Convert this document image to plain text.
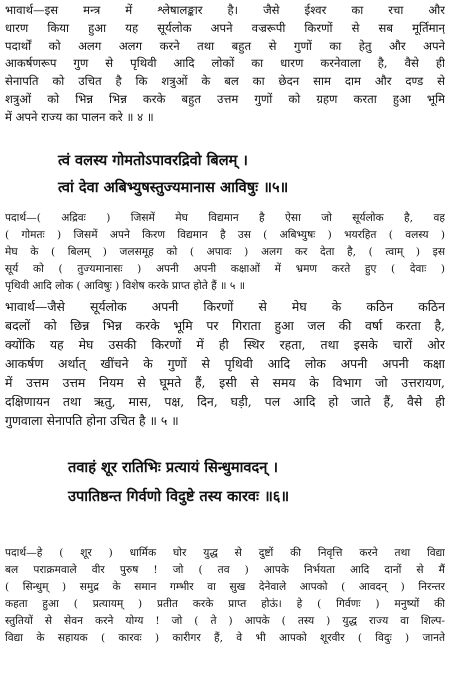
भावार्थ—इस मन्त्र में श्लेषालङ्कार है। जैसे ईश्वर का रचा और
धारण किया हुआ यह सूर्यलोक अपने वज्ररूपी किरणों से सब मूर्तिमान्
पदार्थों को अलग अलग करने तथा बहुत से गुणों का हेतु और अपने
आकर्षणरूप गुण से पृथिवी आदि लोकों का धारण करनेवाला है, वैसे ही
सेनापति को उचित है कि शत्रुओं के बल का छेदन साम दाम और दण्ड से
शत्रुओं को भिन्न भिन्न करके बहुत उत्तम गुणों को ग्रहण करता हुआ भूमि
में अपने राज्य का पालन करे ॥ ४ ॥

त्वं वलस्य गोमतोऽपावरद्रिवो बिलम् ।

त्वां देवा अबिभ्युषस्तुज्यमानास आविषुः ॥५॥

पदार्थ—( अद्रिवः ) जिसमें मेघ विद्यमान है ऐसा जो सूर्यलोक है, वह
( गोमतः ) जिसमें अपने किरण विद्यमान है उस ( अबिभ्युषः ) भयरहित ( वलस्य )
मेघ के ( बिलम् ) जलसमूह को ( अपावः ) अलग कर देता है, ( त्वाम् ) इस
सूर्य को ( तुज्यमानासः ) अपनी अपनी कक्षाओं में भ्रमण करते हुए ( देवाः )
पृथिवी आदि लोक ( आविषुः ) विशेष करके प्राप्त होते हैं ॥ ५ ॥
भावार्थ—जैसे सूर्यलोक अपनी किरणों से मेघ के कठिन कठिन
बदलों को छिन्न भिन्न करके भूमि पर गिराता हुआ जल की वर्षा करता है,
क्योंकि यह मेघ उसकी किरणों में ही स्थिर रहता, तथा इसके चारों ओर
आकर्षण अर्थात् खींचने के गुणों से पृथिवी आदि लोक अपनी अपनी कक्षा
में उत्तम उत्तम नियम से घूमते हैं, इसी से समय के विभाग जो उत्तरायण,
दक्षिणायन तथा ऋतु, मास, पक्ष, दिन, घड़ी, पल आदि हो जाते हैं, वैसे ही
गुणवाला सेनापति होना उचित है ॥ ५ ॥

तवाहं शूर रातिभिः प्रत्यायं सिन्धुमावदन् ।

उपातिष्ठन्त गिर्वणो विदुष्टे तस्य कारवः ॥६॥

पदार्थ—हे ( शूर ) धार्मिक घोर युद्ध से दुष्टों की निवृत्ति करने तथा विद्या
बल पराक्रमवाले वीर पुरुष ! जो ( तव ) आपके निर्भयता आदि दानों से मैं
( सिन्धुम् ) समुद्र के समान गम्भीर वा सुख देनेवाले आपको ( आवदन् ) निरन्तर
कहता हुआ ( प्रत्यायम् ) प्रतीत करके प्राप्त होऊं। हे ( गिर्वणः ) मनुष्यों की
स्तुतियों से सेवन करने योग्य ! जो ( ते ) आपके ( तस्य ) युद्ध राज्य वा शिल्प-
विद्या के सहायक ( कारवः ) कारीगर हैं, वे भी आपको शूरवीर ( विदुः ) जानते
